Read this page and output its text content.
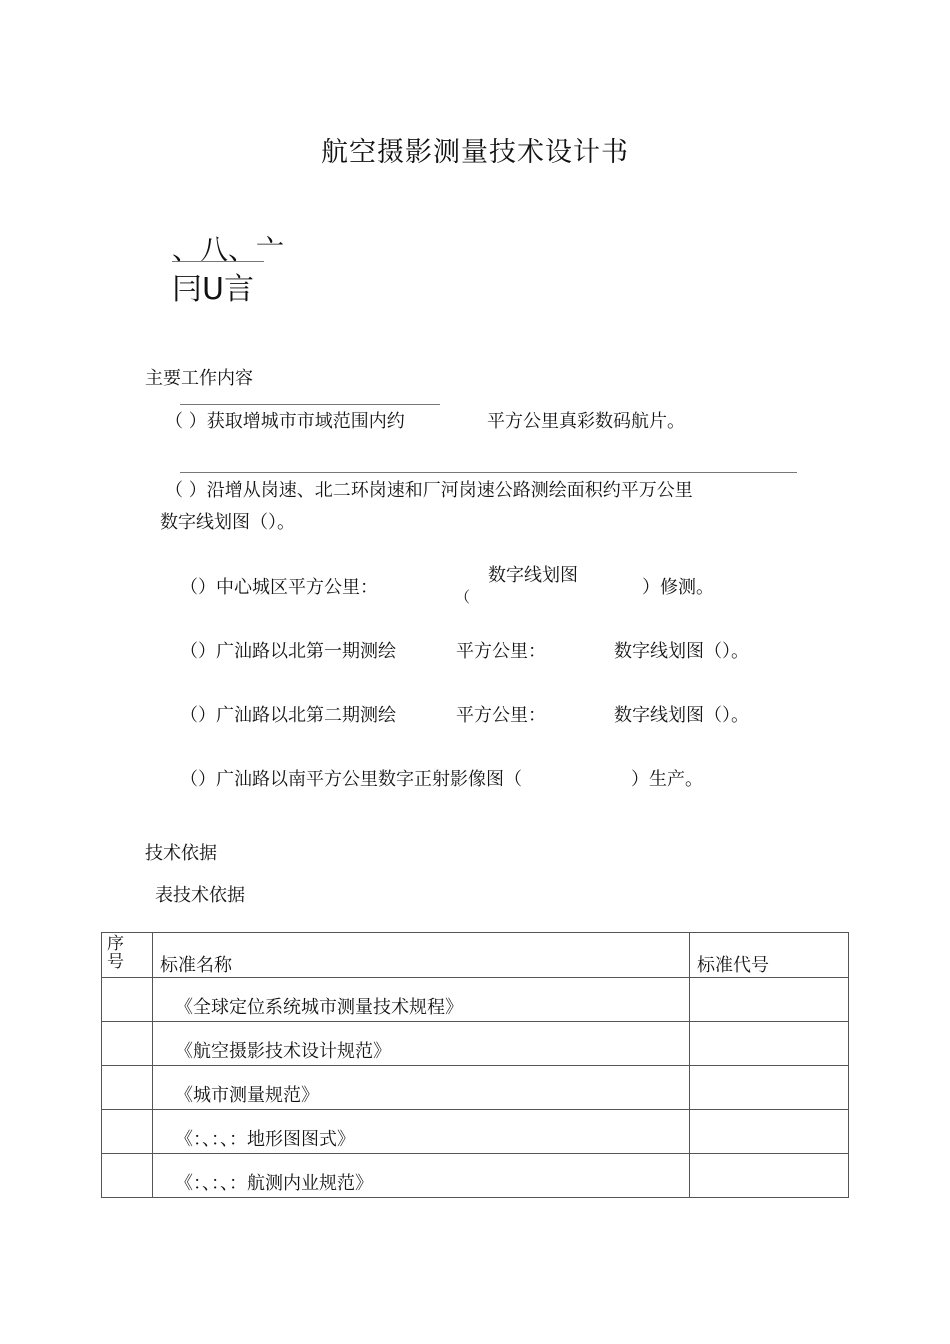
航空摄影测量技术设计书
、八、亠
冃U言
主要工作内容
（ ）获取增城市市域范围内约	平方公里真彩数码航片。
（ ）沿增从岗速、北二环岗速和厂河岗速公路测绘面积约平万公里
数字线划图（）。
（）中心城区平方公里：
数字线划图
（	）修测。
（）广汕路以北第一期测绘	平方公里：	数字线划图（）。
（）广汕路以北第二期测绘	平方公里：	数字线划图（）。
（）广汕路以南平方公里数字正射影像图（	）生产。
技术依据
表技术依据
序
号	标准名称	标准代号
	《全球定位系统城市测量技术规程》	
	《航空摄影技术设计规范》	
	《城市测量规范》	
	《：、：、：地形图图式》	
	《：、：、：航测内业规范》	
